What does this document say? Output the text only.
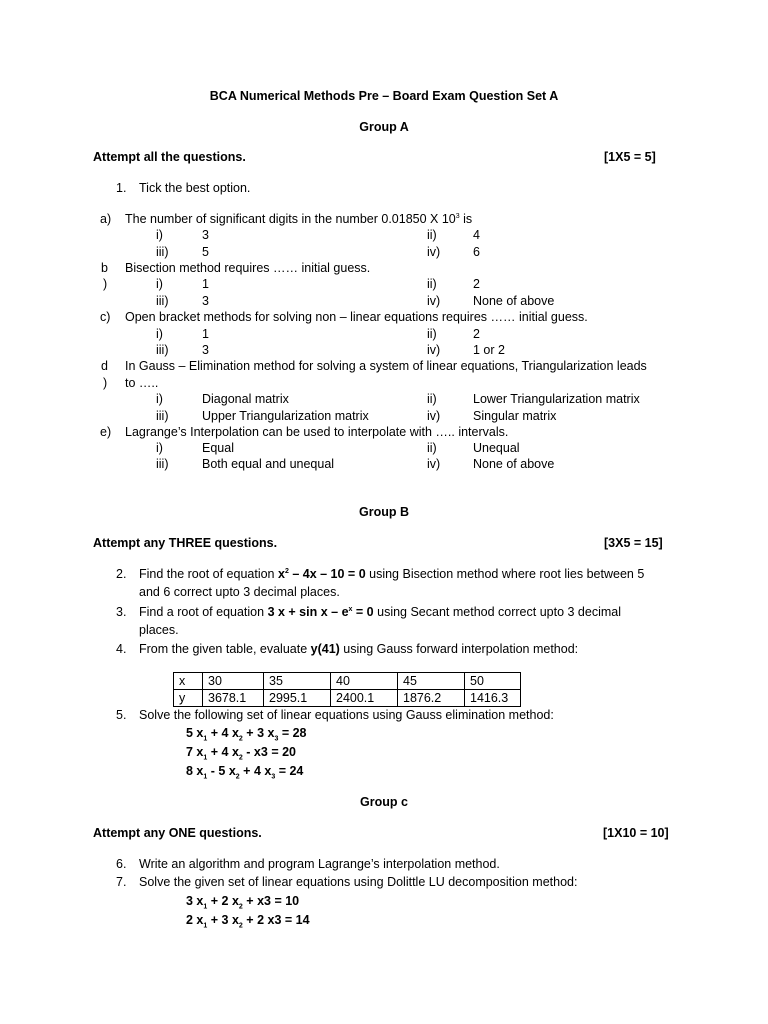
BCA Numerical Methods Pre – Board Exam Question Set A
Group A
Attempt all the questions.	[1X5 = 5]
1. Tick the best option.
a) The number of significant digits in the number 0.01850 X $10^3$ is
i)	3	ii)	4
iii)	5	iv)	6
b
)
Bisection method requires …… initial guess.
i)	1	ii)	2
iii)	3	iv)	None of above
c) Open bracket methods for solving non – linear equations requires …… initial guess.
i)	1	ii)	2
iii)	3	iv)	1 or 2
d
)
In Gauss – Elimination method for solving a system of linear equations, Triangularization leads
to …..
i)	Diagonal matrix	ii)	Lower Triangularization matrix
iii)	Upper Triangularization matrix	iv)	Singular matrix
e) Lagrange’s Interpolation can be used to interpolate with ….. intervals.
i)	Equal	ii)	Unequal
iii)	Both equal and unequal	iv)	None of above
Group B
Attempt any THREE questions.	[3X5 = 15]
2. Find the root of equation $x^2 - 4x - 10 = 0$ using Bisection method where root lies between 5
and 6 correct upto 3 decimal places.
3. Find a root of equation 3 $x + \sin x - e^x = 0$ using Secant method correct upto 3 decimal
places.
4. From the given table, evaluate y(41) using Gauss forward interpolation method:
x	30	35	40	45	50
y	3678.1	2995.1	2400.1	1876.2	1416.3
5. Solve the following set of linear equations using Gauss elimination method:
5 $x_1 + 4$ $x_2 + 3$ $x_3 = 28$
7 $x_1 + 4$ $x_2 - x3 = 20$
8 $x_1 - 5$ $x_2 + 4$ $x_3 = 24$
Group c
Attempt any ONE questions.	[1X10 = 10]
6. Write an algorithm and program Lagrange’s interpolation method.
7. Solve the given set of linear equations using Dolittle LU decomposition method:
3 $x_1 + 2$ $x_2 + x3 = 10$
2 $x_1 + 3$ $x_2 + 2$ x3 = 14
